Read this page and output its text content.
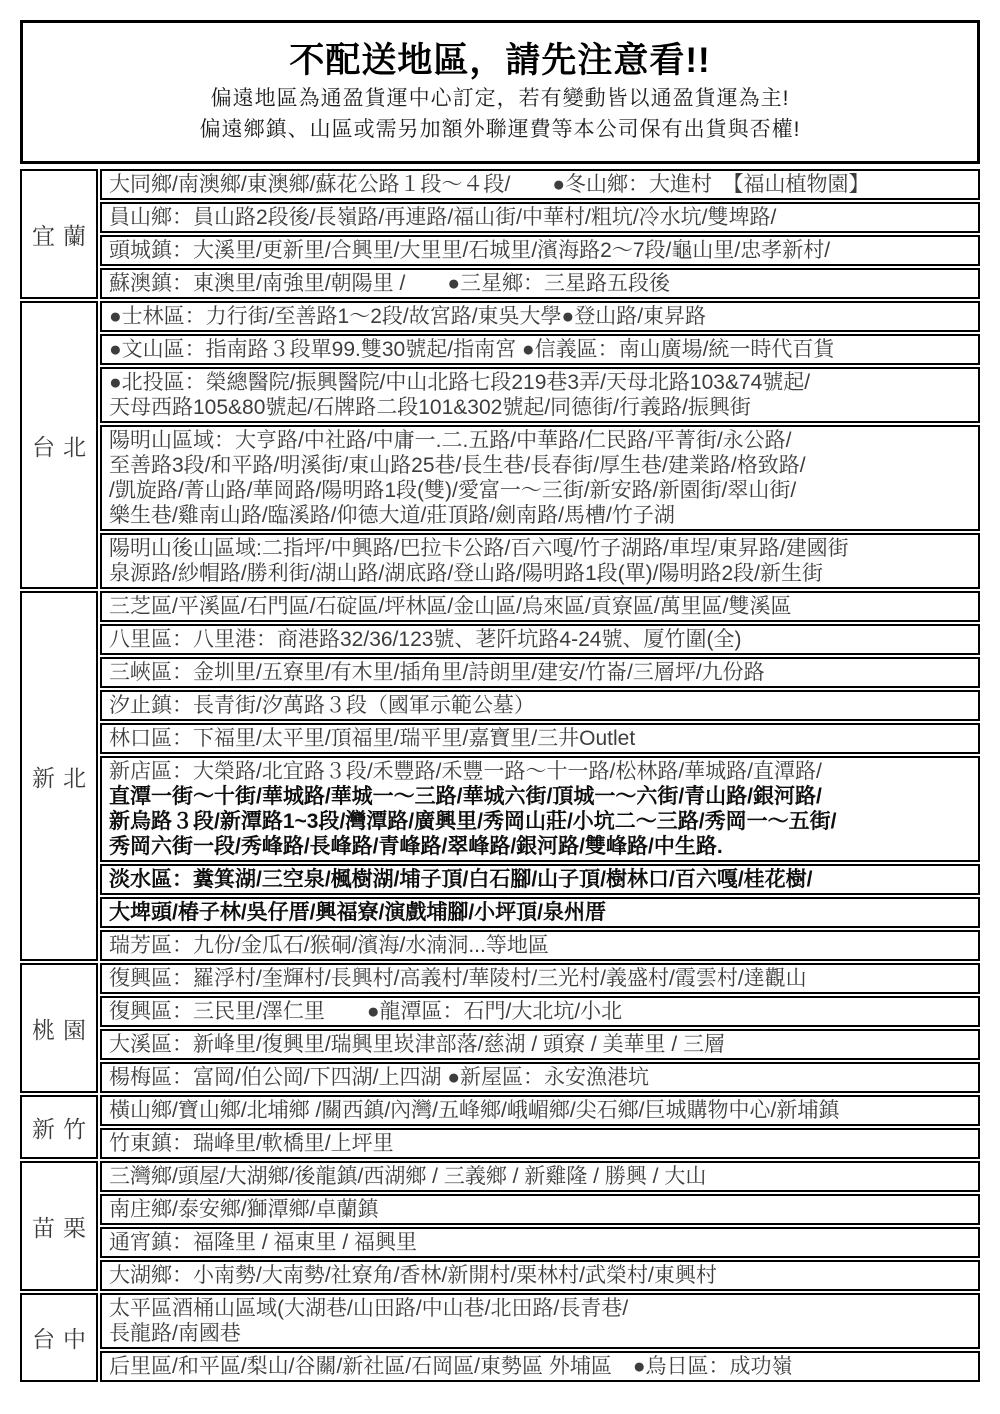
不配送地區，請先注意看!!
偏遠地區為通盈貨運中心訂定，若有變動皆以通盈貨運為主!
偏遠鄉鎮、山區或需另加額外聯運費等本公司保有出貨與否權!
宜蘭
大同鄉/南澳鄉/東澳鄉/蘇花公路１段～４段/　　●冬山鄉：大進村　【福山植物園】
員山鄉：員山路2段後/長嶺路/再連路/福山街/中華村/粗坑/冷水坑/雙埤路/
頭城鎮：大溪里/更新里/合興里/大里里/石城里/濱海路2～7段/龜山里/忠孝新村/
蘇澳鎮：東澳里/南強里/朝陽里 /　　●三星鄉：三星路五段後
台北
●士林區：力行街/至善路1～2段/故宮路/東吳大學●登山路/東昇路
●文山區：指南路３段單99.雙30號起/指南宮 ●信義區：南山廣場/統一時代百貨
●北投區：榮總醫院/振興醫院/中山北路七段219巷3弄/天母北路103&74號起/
天母西路105&80號起/石牌路二段101&302號起/同德街/行義路/振興街
陽明山區域：大亨路/中社路/中庸一.二.五路/中華路/仁民路/平菁街/永公路/
至善路3段/和平路/明溪街/東山路25巷/長生巷/長春街/厚生巷/建業路/格致路/
/凱旋路/菁山路/華岡路/陽明路1段(雙)/愛富一～三街/新安路/新園街/翠山街/
樂生巷/雞南山路/臨溪路/仰德大道/莊頂路/劍南路/馬槽/竹子湖
陽明山後山區域:二指坪/中興路/巴拉卡公路/百六嘎/竹子湖路/車埕/東昇路/建國街
泉源路/紗帽路/勝利街/湖山路/湖底路/登山路/陽明路1段(單)/陽明路2段/新生街
新北
三芝區/平溪區/石門區/石碇區/坪林區/金山區/烏來區/貢寮區/萬里區/雙溪區
八里區：八里港：商港路32/36/123號、荖阡坑路4-24號、厦竹圍(全)
三峽區：金圳里/五寮里/有木里/插角里/詩朗里/建安/竹崙/三層坪/九份路
汐止鎮：長青街/汐萬路３段（國軍示範公墓）
林口區：下福里/太平里/頂福里/瑞平里/嘉寶里/三井Outlet
新店區：大榮路/北宜路３段/禾豐路/禾豐一路～十一路/松林路/華城路/直潭路/
直潭一街～十街/華城路/華城一～三路/華城六街/頂城一～六街/青山路/銀河路/
新烏路３段/新潭路1~3段/灣潭路/廣興里/秀岡山莊/小坑二～三路/秀岡一～五街/
秀岡六街一段/秀峰路/長峰路/青峰路/翠峰路/銀河路/雙峰路/中生路.
淡水區：糞箕湖/三空泉/楓樹湖/埔子頂/白石腳/山子頂/樹林口/百六嘎/桂花樹/
大埤頭/椿子林/吳仔厝/興福寮/演戲埔腳/小坪頂/泉州厝
瑞芳區：九份/金瓜石/猴硐/濱海/水湳洞...等地區
桃園
復興區：羅浮村/奎輝村/長興村/高義村/華陵村/三光村/義盛村/霞雲村/達觀山
復興區：三民里/澤仁里　　●龍潭區：石門/大北坑/小北
大溪區：新峰里/復興里/瑞興里崁津部落/慈湖 / 頭寮 / 美華里 / 三層
楊梅區：富岡/伯公岡/下四湖/上四湖 ●新屋區：永安漁港坑
新竹
橫山鄉/寶山鄉/北埔鄉 /關西鎮/內灣/五峰鄉/峨嵋鄉/尖石鄉/巨城購物中心/新埔鎮
竹東鎮：瑞峰里/軟橋里/上坪里
苗栗
三灣鄉/頭屋/大湖鄉/後龍鎮/西湖鄉 / 三義鄉 / 新雞隆 / 勝興 / 大山
南庄鄉/泰安鄉/獅潭鄉/卓蘭鎮
通宵鎮：福隆里 / 福東里 / 福興里
大湖鄉：小南勢/大南勢/社寮角/香林/新開村/栗林村/武榮村/東興村
台中
太平區酒桶山區域(大湖巷/山田路/中山巷/北田路/長青巷/
長龍路/南國巷
后里區/和平區/梨山/谷關/新社區/石岡區/東勢區 外埔區　●烏日區：成功嶺
